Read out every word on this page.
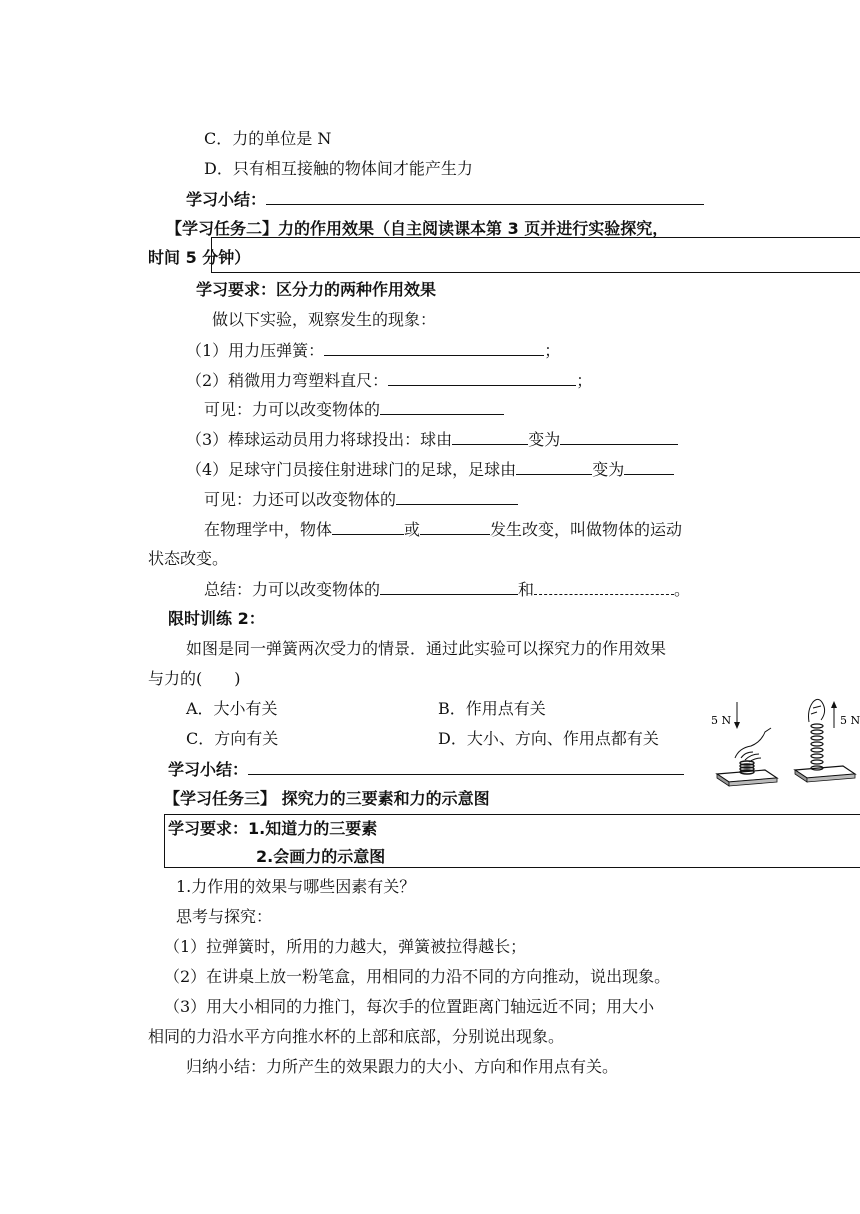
C．力的单位是 N
D．只有相互接触的物体间才能产生力
学习小结：
【学习任务二】力的作用效果（自主阅读课本第 3 页并进行实验探究，
时间 5 分钟）
学习要求：区分力的两种作用效果
做以下实验，观察发生的现象：
（1）用力压弹簧：	；
（2）稍微用力弯塑料直尺：	；
可见：力可以改变物体的
（3）棒球运动员用力将球投出：球由	变为
（4）足球守门员接住射进球门的足球，足球由	变为
可见：力还可以改变物体的
在物理学中，物体	或	发生改变，叫做物体的运动
状态改变。
总结：力可以改变物体的	和	。
限时训练 2：
如图是同一弹簧两次受力的情景．通过此实验可以探究力的作用效果
与力的(　　)
A．大小有关	B．作用点有关
C．方向有关	D．大小、方向、作用点都有关
学习小结：
5 N	5 N
【学习任务三】 探究力的三要素和力的示意图
学习要求：1.知道力的三要素
2.会画力的示意图
1.力作用的效果与哪些因素有关？
思考与探究：
（1）拉弹簧时，所用的力越大，弹簧被拉得越长；
（2）在讲桌上放一粉笔盒，用相同的力沿不同的方向推动，说出现象。
（3）用大小相同的力推门，每次手的位置距离门轴远近不同；用大小
相同的力沿水平方向推水杯的上部和底部，分别说出现象。
归纳小结：力所产生的效果跟力的大小、方向和作用点有关。
